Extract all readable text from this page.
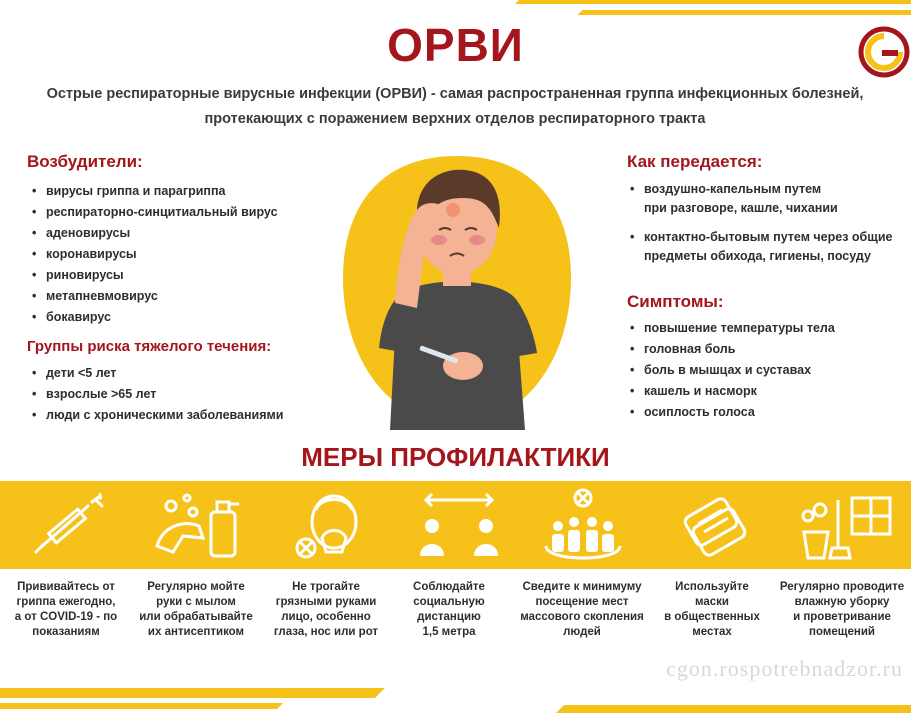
ОРВИ
Острые респираторные вирусные инфекции (ОРВИ) - самая распространенная группа инфекционных болезней, протекающих с поражением верхних отделов респираторного тракта
Возбудители:
• вирусы гриппа и парагриппа
• респираторно-синцитиальный вирус
• аденовирусы
• коронавирусы
• риновирусы
• метапневмовирус
• бокавирус
Группы риска тяжелого течения:
• дети <5 лет
• взрослые >65 лет
• люди с хроническими заболеваниями
Как передается:
• воздушно-капельным путем
при разговоре, кашле, чихании
• контактно-бытовым путем через общие
предметы обихода, гигиены, посуду
Симптомы:
• повышение температуры тела
• головная боль
• боль в мышцах и суставах
• кашель и насморк
• осиплость голоса
МЕРЫ ПРОФИЛАКТИКИ
Прививайтесь от
гриппа ежегодно,
а от COVID-19 - по
показаниям
Регулярно мойте
руки с мылом
или обрабатывайте
их антисептиком
Не трогайте
грязными руками
лицо, особенно
глаза, нос или рот
Соблюдайте
социальную
дистанцию
1,5 метра
Сведите к минимуму
посещение мест
массового скопления
людей
Используйте
маски
в общественных
местах
Регулярно проводите
влажную уборку
и проветривание
помещений
cgon.rospotrebnadzor.ru
